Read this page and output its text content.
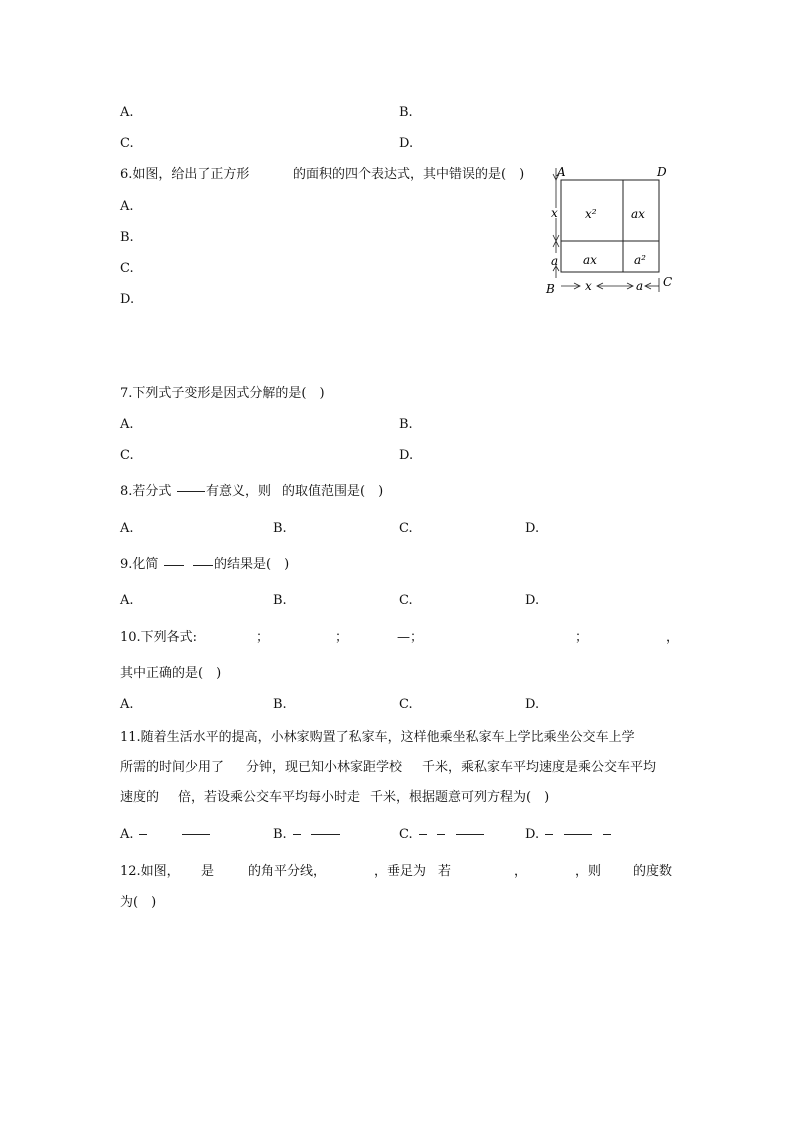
A.	B.
C.	D.
6.如图，给出了正方形	的面积的四个表达式，其中错误的是(　)
A.
B.
C.
D.
A	D
B	C
x²	ax
ax	a²
x
a
x	a
7.下列式子变形是因式分解的是(　)
A.	B.
C.	D.
8.若分式	有意义，则 的取值范围是(　)
A.	B.	C.	D.
9.化简	的结果是(　)
A.	B.	C.	D.
10.下列各式:	；	；	—；	；	，
其中正确的是(　)
A.	B.	C.	D.
11.随着生活水平的提高，小林家购置了私家车，这样他乘坐私家车上学比乘坐公交车上学
所需的时间少用了 分钟，现已知小林家距学校 千米，乘私家车平均速度是乘公交车平均
速度的 倍，若设乘公交车平均每小时走 千米，根据题意可列方程为(　)
A.	B.	C.	D.
12.如图， 是	的角平分线，	，垂足为 若	，	，则 的度数
为(　)
